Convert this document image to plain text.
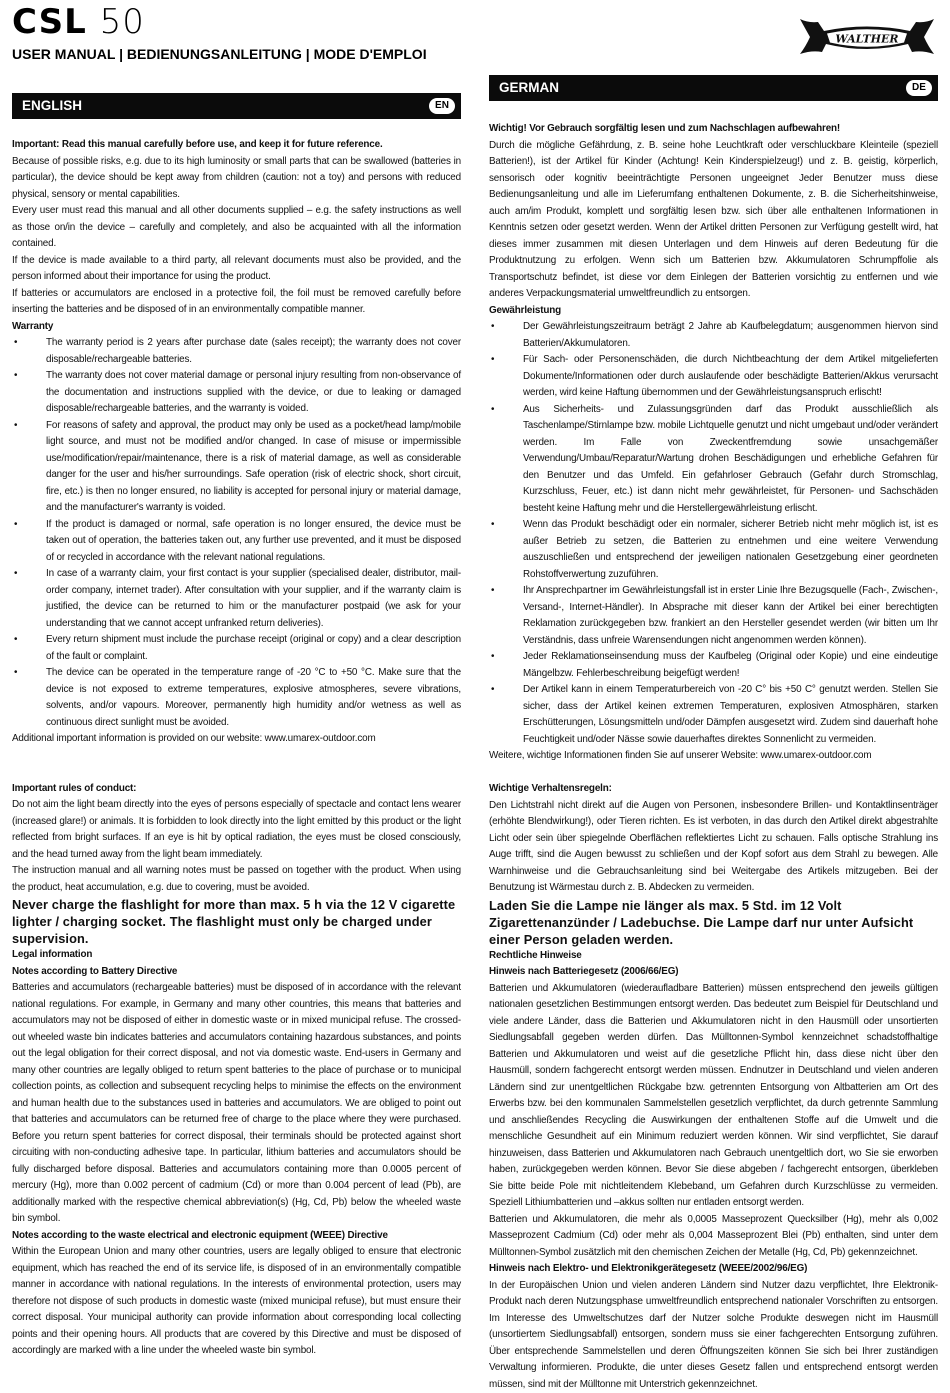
CSL 50
USER MANUAL | BEDIENUNGSANLEITUNG | MODE D'EMPLOI
WALTHER
ENGLISH	EN

Important: Read this manual carefully before use, and keep it for future reference.

Because of possible risks, e.g. due to its high luminosity or small parts that can be swallowed (batteries in particular), the device should be kept away from children (caution: not a toy) and persons with reduced physical, sensory or mental capabilities.

Every user must read this manual and all other documents supplied – e.g. the safety instructions as well as those on/in the device – carefully and completely, and also be acquainted with all the information contained.

If the device is made available to a third party, all relevant documents must also be provided, and the person informed about their importance for using the product.

If batteries or accumulators are enclosed in a protective foil, the foil must be removed carefully before inserting the batteries and be disposed of in an environmentally compatible manner.

Warranty

• The warranty period is 2 years after purchase date (sales receipt); the warranty does not cover disposable/rechargeable batteries.
• The warranty does not cover material damage or personal injury resulting from non-observance of the documentation and instructions supplied with the device, or due to leaking or damaged disposable/rechargeable batteries, and the warranty is voided.
• For reasons of safety and approval, the product may only be used as a pocket/head lamp/mobile light source, and must not be modified and/or changed. In case of misuse or impermissible use/modification/repair/maintenance, there is a risk of material damage, as well as considerable danger for the user and his/her surroundings. Safe operation (risk of electric shock, short circuit, fire, etc.) is then no longer ensured, no liability is accepted for personal injury or material damage, and the manufacturer's warranty is voided.
• If the product is damaged or normal, safe operation is no longer ensured, the device must be taken out of operation, the batteries taken out, any further use prevented, and it must be disposed of or recycled in accordance with the relevant national regulations.
• In case of a warranty claim, your first contact is your supplier (specialised dealer, distributor, mail-order company, internet trader). After consultation with your supplier, and if the warranty claim is justified, the device can be returned to him or the manufacturer postpaid (we ask for your understanding that we cannot accept unfranked return deliveries).
• Every return shipment must include the purchase receipt (original or copy) and a clear description of the fault or complaint.
• The device can be operated in the temperature range of -20 °C to +50 °C. Make sure that the device is not exposed to extreme temperatures, explosive atmospheres, severe vibrations, solvents, and/or vapours. Moreover, permanently high humidity and/or wetness as well as continuous direct sunlight must be avoided.

Additional important information is provided on our website: www.umarex-outdoor.com

Important rules of conduct:

Do not aim the light beam directly into the eyes of persons especially of spectacle and contact lens wearer (increased glare!) or animals. It is forbidden to look directly into the light emitted by this product or the light reflected from bright surfaces. If an eye is hit by optical radiation, the eyes must be closed consciously, and the head turned away from the light beam immediately.

The instruction manual and all warning notes must be passed on together with the product. When using the product, heat accumulation, e.g. due to covering, must be avoided.

Never charge the flashlight for more than max. 5 h via the 12 V cigarette lighter / charging socket. The flashlight must only be charged under supervision.

Legal information

Notes according to Battery Directive

Batteries and accumulators (rechargeable batteries) must be disposed of in accordance with the relevant national regulations. For example, in Germany and many other countries, this means that batteries and accumulators may not be disposed of either in domestic waste or in mixed municipal refuse. The crossed-out wheeled waste bin indicates batteries and accumulators containing hazardous substances, and points out the legal obligation for their correct disposal, and not via domestic waste. End-users in Germany and many other countries are legally obliged to return spent batteries to the place of purchase or to municipal collection points, as collection and subsequent recycling helps to minimise the effects on the environment and human health due to the substances used in batteries and accumulators. We are obliged to point out that batteries and accumulators can be returned free of charge to the place where they were purchased. Before you return spent batteries for correct disposal, their terminals should be protected against short circuiting with non-conducting adhesive tape. In particular, lithium batteries and accumulators should be fully discharged before disposal. Batteries and accumulators containing more than 0.0005 percent of mercury (Hg), more than 0.002 percent of cadmium (Cd) or more than 0.004 percent of lead (Pb), are additionally marked with the respective chemical abbreviation(s) (Hg, Cd, Pb) below the wheeled waste bin symbol.

Notes according to the waste electrical and electronic equipment (WEEE) Directive

Within the European Union and many other countries, users are legally obliged to ensure that electronic equipment, which has reached the end of its service life, is disposed of in an environmentally compatible manner in accordance with national regulations. In the interests of environmental protection, users may therefore not dispose of such products in domestic waste (mixed municipal refuse), but must ensure their correct disposal. Your municipal authority can provide information about corresponding local collecting points and their opening hours. All products that are covered by this Directive and must be disposed of accordingly are marked with a line under the wheeled waste bin symbol.

GERMAN	DE

Wichtig! Vor Gebrauch sorgfältig lesen und zum Nachschlagen aufbewahren!

Durch die mögliche Gefährdung, z. B. seine hohe Leuchtkraft oder verschluckbare Kleinteile (speziell Batterien!), ist der Artikel für Kinder (Achtung! Kein Kinderspielzeug!) und z. B. geistig, körperlich, sensorisch oder kognitiv beeinträchtigte Personen ungeeignet Jeder Benutzer muss diese Bedienungsanleitung und alle im Lieferumfang enthaltenen Dokumente, z. B. die Sicherheitshinweise, auch am/im Produkt, komplett und sorgfältig lesen bzw. sich über alle enthaltenen Informationen in Kenntnis setzen oder gesetzt werden. Wenn der Artikel dritten Personen zur Verfügung gestellt wird, hat dieses immer zusammen mit diesen Unterlagen und dem Hinweis auf deren Bedeutung für die Produktnutzung zu erfolgen. Wenn sich um Batterien bzw. Akkumulatoren Schrumpffolie als Transportschutz befindet, ist diese vor dem Einlegen der Batterien vorsichtig zu entfernen und wie anderes Verpackungsmaterial umweltfreundlich zu entsorgen.

Gewährleistung

• Der Gewährleistungszeitraum beträgt 2 Jahre ab Kaufbelegdatum; ausgenommen hiervon sind Batterien/Akkumulatoren.
• Für Sach- oder Personenschäden, die durch Nichtbeachtung der dem Artikel mitgelieferten Dokumente/Informationen oder durch auslaufende oder beschädigte Batterien/Akkus verursacht werden, wird keine Haftung übernommen und der Gewährleistungsanspruch erlischt!
• Aus Sicherheits- und Zulassungsgründen darf das Produkt ausschließlich als Taschenlampe/Stirnlampe bzw. mobile Lichtquelle genutzt und nicht umgebaut und/oder verändert werden. Im Falle von Zweckentfremdung sowie unsachgemäßer Verwendung/Umbau/Reparatur/Wartung drohen Beschädigungen und erhebliche Gefahren für den Benutzer und das Umfeld. Ein gefahrloser Gebrauch (Gefahr durch Stromschlag, Kurzschluss, Feuer, etc.) ist dann nicht mehr gewährleistet, für Personen- und Sachschäden besteht keine Haftung mehr und die Herstellergewährleistung erlischt.
• Wenn das Produkt beschädigt oder ein normaler, sicherer Betrieb nicht mehr möglich ist, ist es außer Betrieb zu setzen, die Batterien zu entnehmen und eine weitere Verwendung auszuschließen und entsprechend der jeweiligen nationalen Gesetzgebung einer geordneten Rohstoffverwertung zuzuführen.
• Ihr Ansprechpartner im Gewährleistungsfall ist in erster Linie Ihre Bezugsquelle (Fach-, Zwischen-, Versand-, Internet-Händler). In Absprache mit dieser kann der Artikel bei einer berechtigten Reklamation zurückgegeben bzw. frankiert an den Hersteller gesendet werden (wir bitten um Ihr Verständnis, dass unfreie Warensendungen nicht angenommen werden können).
• Jeder Reklamationseinsendung muss der Kaufbeleg (Original oder Kopie) und eine eindeutige Mängelbzw. Fehlerbeschreibung beigefügt werden!
• Der Artikel kann in einem Temperaturbereich von -20 C° bis +50 C° genutzt werden. Stellen Sie sicher, dass der Artikel keinen extremen Temperaturen, explosiven Atmosphären, starken Erschütterungen, Lösungsmitteln und/oder Dämpfen ausgesetzt wird. Zudem sind dauerhaft hohe Feuchtigkeit und/oder Nässe sowie dauerhaftes direktes Sonnenlicht zu vermeiden.

Weitere, wichtige Informationen finden Sie auf unserer Website: www.umarex-outdoor.com

Wichtige Verhaltensregeln:

Den Lichtstrahl nicht direkt auf die Augen von Personen, insbesondere Brillen- und Kontaktlinsenträger (erhöhte Blendwirkung!), oder Tieren richten. Es ist verboten, in das durch den Artikel direkt abgestrahlte Licht oder sein über spiegelnde Oberflächen reflektiertes Licht zu schauen. Falls optische Strahlung ins Auge trifft, sind die Augen bewusst zu schließen und der Kopf sofort aus dem Strahl zu bewegen. Alle Warnhinweise und die Gebrauchsanleitung sind bei Weitergabe des Artikels mitzugeben. Bei der Benutzung ist Wärmestau durch z. B. Abdecken zu vermeiden.

Laden Sie die Lampe nie länger als max. 5 Std. im 12 Volt Zigarettenanzünder / Ladebuchse. Die Lampe darf nur unter Aufsicht einer Person geladen werden.

Rechtliche Hinweise

Hinweis nach Batteriegesetz (2006/66/EG)

Batterien und Akkumulatoren (wiederaufladbare Batterien) müssen entsprechend den jeweils gültigen nationalen gesetzlichen Bestimmungen entsorgt werden. Das bedeutet zum Beispiel für Deutschland und viele andere Länder, dass die Batterien und Akkumulatoren nicht in den Hausmüll oder unsortierten Siedlungsabfall gegeben werden dürfen. Das Mülltonnen-Symbol kennzeichnet schadstoffhaltige Batterien und Akkumulatoren und weist auf die gesetzliche Pflicht hin, dass diese nicht über den Hausmüll, sondern fachgerecht entsorgt werden müssen. Endnutzer in Deutschland und vielen anderen Ländern sind zur unentgeltlichen Rückgabe bzw. getrennten Entsorgung von Altbatterien am Ort des Erwerbs bzw. bei den kommunalen Sammelstellen gesetzlich verpflichtet, da durch getrennte Sammlung und anschließendes Recycling die Auswirkungen der enthaltenen Stoffe auf die Umwelt und die menschliche Gesundheit auf ein Minimum reduziert werden können. Wir sind verpflichtet, Sie darauf hinzuweisen, dass Batterien und Akkumulatoren nach Gebrauch unentgeltlich dort, wo Sie sie erworben haben, zurückgegeben werden können. Bevor Sie diese abgeben / fachgerecht entsorgen, überkleben Sie bitte beide Pole mit nichtleitendem Klebeband, um Gefahren durch Kurzschlüsse zu vermeiden. Speziell Lithiumbatterien und –akkus sollten nur entladen entsorgt werden.

Batterien und Akkumulatoren, die mehr als 0,0005 Masseprozent Quecksilber (Hg), mehr als 0,002 Masseprozent Cadmium (Cd) oder mehr als 0,004 Masseprozent Blei (Pb) enthalten, sind unter dem Mülltonnen-Symbol zusätzlich mit den chemischen Zeichen der Metalle (Hg, Cd, Pb) gekennzeichnet.

Hinweis nach Elektro- und Elektronikgerätegesetz (WEEE/2002/96/EG)

In der Europäischen Union und vielen anderen Ländern sind Nutzer dazu verpflichtet, Ihre Elektronik-Produkt nach deren Nutzungsphase umweltfreundlich entsprechend nationaler Vorschriften zu entsorgen. Im Interesse des Umweltschutzes darf der Nutzer solche Produkte deswegen nicht im Hausmüll (unsortiertem Siedlungsabfall) entsorgen, sondern muss sie einer fachgerechten Entsorgung zuführen. Über entsprechende Sammelstellen und deren Öffnungszeiten können Sie sich bei Ihrer zuständigen Verwaltung informieren. Produkte, die unter dieses Gesetz fallen und entsprechend entsorgt werden müssen, sind mit der Mülltonne mit Unterstrich gekennzeichnet.
